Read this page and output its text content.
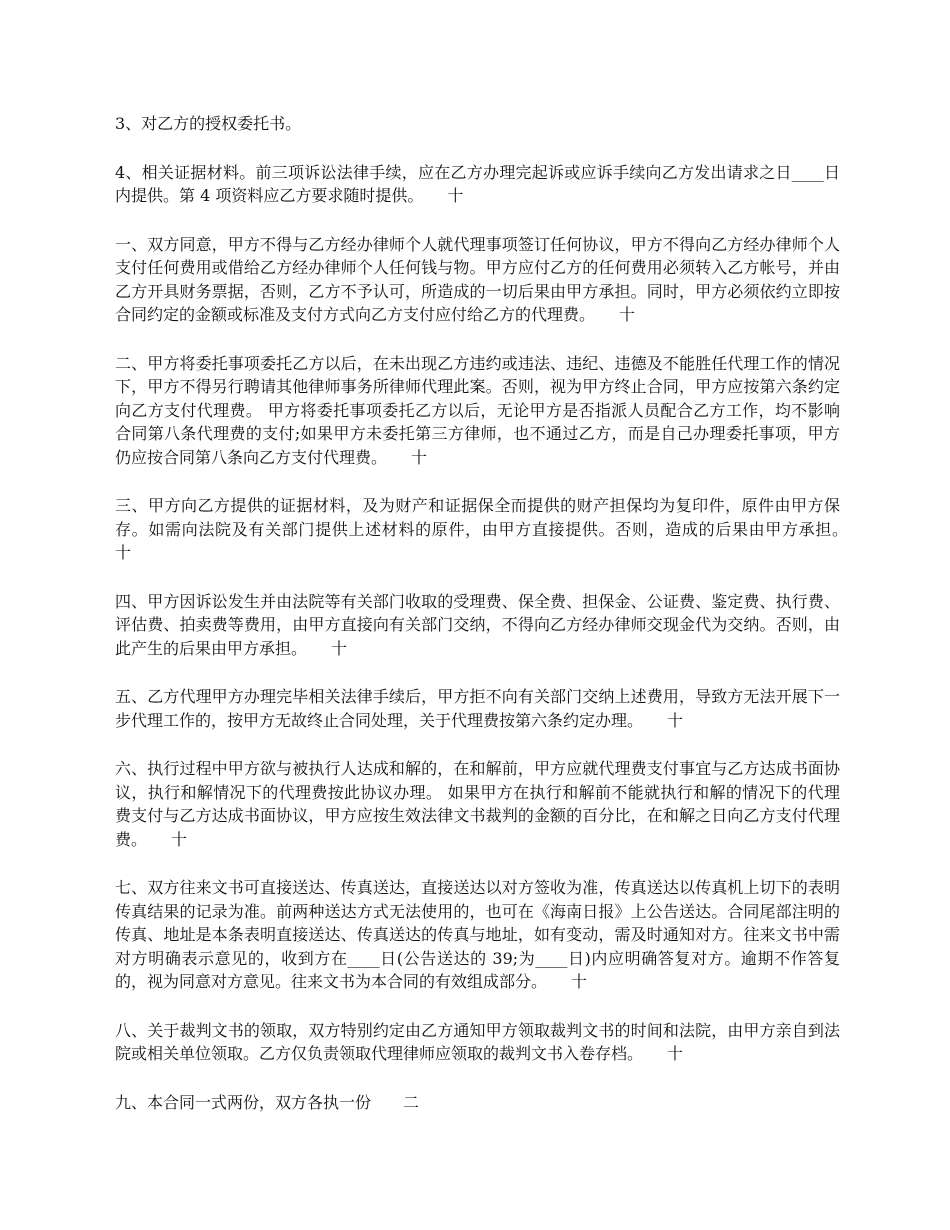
3、对乙方的授权委托书。

4、相关证据材料。前三项诉讼法律手续，应在乙方办理完起诉或应诉手续向乙方发出请求之日____日内提供。第 4 项资料应乙方要求随时提供。　　十

一、双方同意，甲方不得与乙方经办律师个人就代理事项签订任何协议，甲方不得向乙方经办律师个人支付任何费用或借给乙方经办律师个人任何钱与物。甲方应付乙方的任何费用必须转入乙方帐号，并由乙方开具财务票据，否则，乙方不予认可，所造成的一切后果由甲方承担。同时，甲方必须依约立即按合同约定的金额或标准及支付方式向乙方支付应付给乙方的代理费。　　十

二、甲方将委托事项委托乙方以后，在未出现乙方违约或违法、违纪、违德及不能胜任代理工作的情况下，甲方不得另行聘请其他律师事务所律师代理此案。否则，视为甲方终止合同，甲方应按第六条约定向乙方支付代理费。 甲方将委托事项委托乙方以后，无论甲方是否指派人员配合乙方工作，均不影响合同第八条代理费的支付;如果甲方未委托第三方律师，也不通过乙方，而是自己办理委托事项，甲方仍应按合同第八条向乙方支付代理费。　　十

三、甲方向乙方提供的证据材料，及为财产和证据保全而提供的财产担保均为复印件，原件由甲方保存。如需向法院及有关部门提供上述材料的原件，由甲方直接提供。否则，造成的后果由甲方承担。　　十

四、甲方因诉讼发生并由法院等有关部门收取的受理费、保全费、担保金、公证费、鉴定费、执行费、评估费、拍卖费等费用，由甲方直接向有关部门交纳，不得向乙方经办律师交现金代为交纳。否则，由此产生的后果由甲方承担。　　十

五、乙方代理甲方办理完毕相关法律手续后，甲方拒不向有关部门交纳上述费用，导致方无法开展下一步代理工作的，按甲方无故终止合同处理，关于代理费按第六条约定办理。　　十

六、执行过程中甲方欲与被执行人达成和解的，在和解前，甲方应就代理费支付事宜与乙方达成书面协议，执行和解情况下的代理费按此协议办理。 如果甲方在执行和解前不能就执行和解的情况下的代理费支付与乙方达成书面协议，甲方应按生效法律文书裁判的金额的百分比，在和解之日向乙方支付代理费。　　十

七、双方往来文书可直接送达、传真送达，直接送达以对方签收为准，传真送达以传真机上切下的表明传真结果的记录为准。前两种送达方式无法使用的，也可在《海南日报》上公告送达。合同尾部注明的传真、地址是本条表明直接送达、传真送达的传真与地址，如有变动，需及时通知对方。往来文书中需对方明确表示意见的，收到方在____日(公告送达的 39;为____日)内应明确答复对方。逾期不作答复的，视为同意对方意见。往来文书为本合同的有效组成部分。　　十

八、关于裁判文书的领取，双方特别约定由乙方通知甲方领取裁判文书的时间和法院，由甲方亲自到法院或相关单位领取。乙方仅负责领取代理律师应领取的裁判文书入卷存档。　　十

九、本合同一式两份，双方各执一份　　二
